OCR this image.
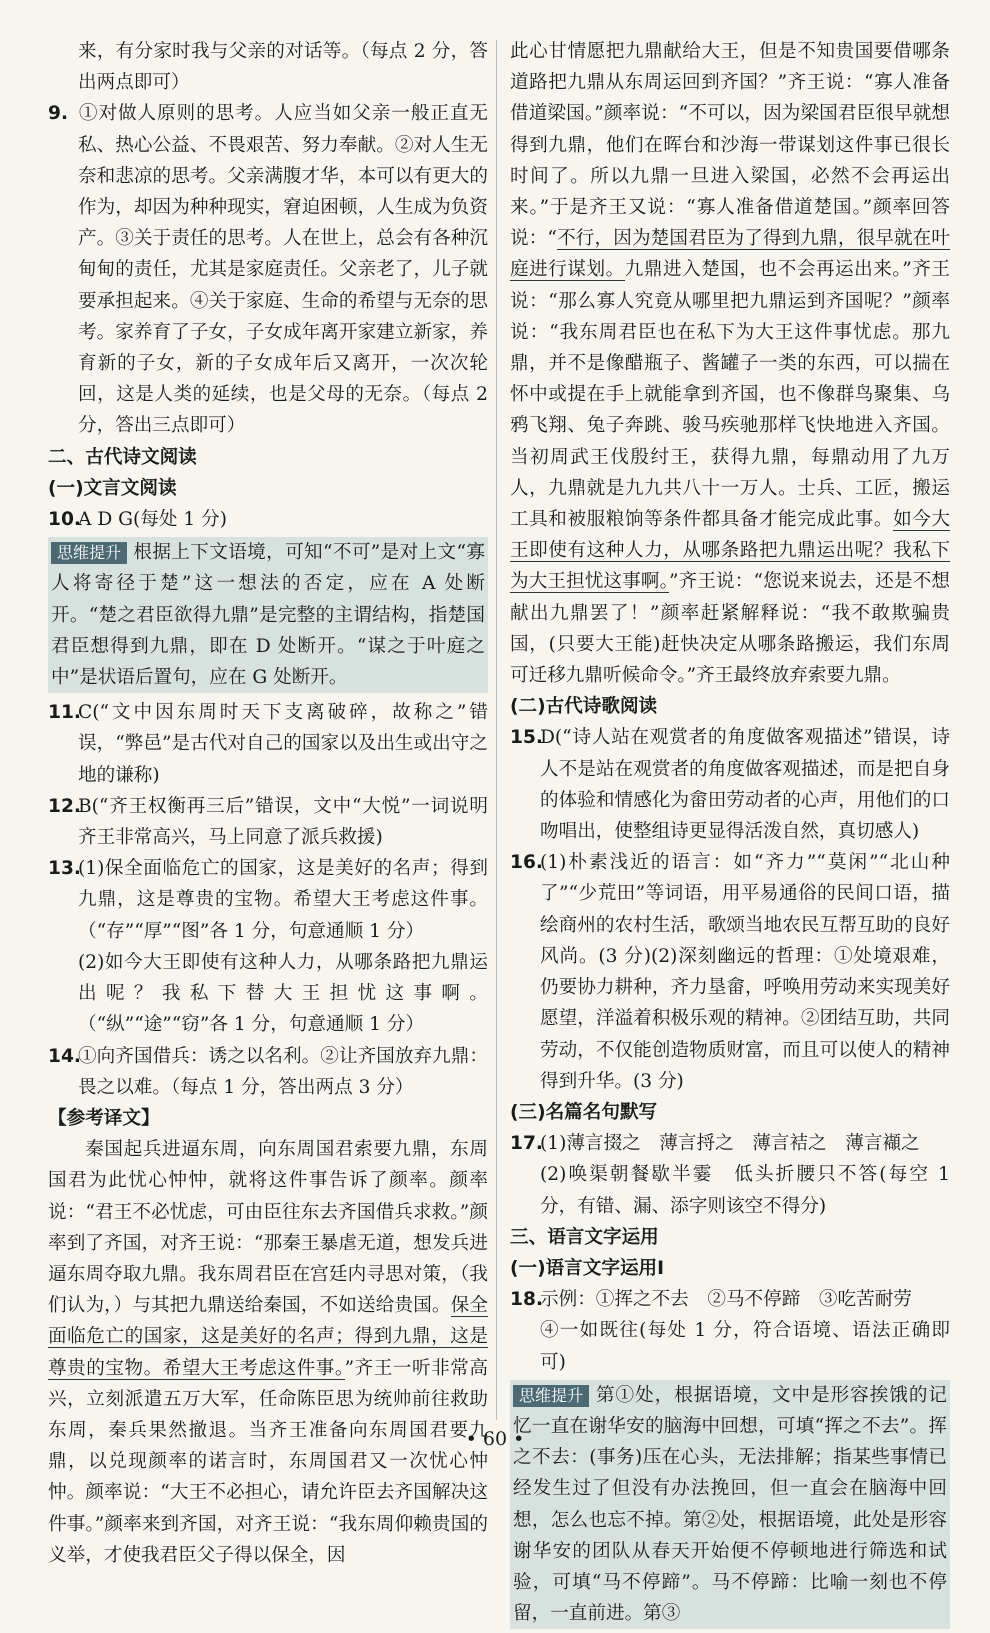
来，有分家时我与父亲的对话等。（每点 2 分，答出两点即可）

9. ①对做人原则的思考。人应当如父亲一般正直无私、热心公益、不畏艰苦、努力奉献。②对人生无奈和悲凉的思考。父亲满腹才华，本可以有更大的作为，却因为种种现实，窘迫困顿，人生成为负资产。③关于责任的思考。人在世上，总会有各种沉甸甸的责任，尤其是家庭责任。父亲老了，儿子就要承担起来。④关于家庭、生命的希望与无奈的思考。家养育了子女，子女成年离开家建立新家，养育新的子女，新的子女成年后又离开，一次次轮回，这是人类的延续，也是父母的无奈。（每点 2 分，答出三点即可）

二、古代诗文阅读

(一)文言文阅读

10.A D G(每处 1 分)

思维提升 根据上下文语境，可知“不可”是对上文“寡人将寄径于楚”这一想法的否定，应在 A 处断开。“楚之君臣欲得九鼎”是完整的主谓结构，指楚国君臣想得到九鼎，即在 D 处断开。“谋之于叶庭之中”是状语后置句，应在 G 处断开。

11.C(“文中因东周时天下支离破碎，故称之”错误，“弊邑”是古代对自己的国家以及出生或出守之地的谦称)

12.B(“齐王权衡再三后”错误，文中“大悦”一词说明齐王非常高兴，马上同意了派兵救援)

13.(1)保全面临危亡的国家，这是美好的名声；得到九鼎，这是尊贵的宝物。希望大王考虑这件事。（“存”“厚”“图”各 1 分，句意通顺 1 分）

(2)如今大王即使有这种人力，从哪条路把九鼎运出呢？我私下替大王担忧这事啊。（“纵”“途”“窃”各 1 分，句意通顺 1 分）

14.①向齐国借兵：诱之以名利。②让齐国放弃九鼎：畏之以难。（每点 1 分，答出两点 3 分）

【参考译文】

秦国起兵进逼东周，向东周国君索要九鼎，东周国君为此忧心忡忡，就将这件事告诉了颜率。颜率说：“君王不必忧虑，可由臣往东去齐国借兵求救。”颜率到了齐国，对齐王说：“那秦王暴虐无道，想发兵进逼东周夺取九鼎。我东周君臣在宫廷内寻思对策，（我们认为，）与其把九鼎送给秦国，不如送给贵国。保全面临危亡的国家，这是美好的名声；得到九鼎，这是尊贵的宝物。希望大王考虑这件事。”齐王一听非常高兴，立刻派遣五万大军，任命陈臣思为统帅前往救助东周，秦兵果然撤退。当齐王准备向东周国君要九鼎，以兑现颜率的诺言时，东周国君又一次忧心忡忡。颜率说：“大王不必担心，请允许臣去齐国解决这件事。”颜率来到齐国，对齐王说：“我东周仰赖贵国的义举，才使我君臣父子得以保全，因

此心甘情愿把九鼎献给大王，但是不知贵国要借哪条道路把九鼎从东周运回到齐国？”齐王说：“寡人准备借道梁国。”颜率说：“不可以，因为梁国君臣很早就想得到九鼎，他们在晖台和沙海一带谋划这件事已很长时间了。所以九鼎一旦进入梁国，必然不会再运出来。”于是齐王又说：“寡人准备借道楚国。”颜率回答说：“不行，因为楚国君臣为了得到九鼎，很早就在叶庭进行谋划。九鼎进入楚国，也不会再运出来。”齐王说：“那么寡人究竟从哪里把九鼎运到齐国呢？”颜率说：“我东周君臣也在私下为大王这件事忧虑。那九鼎，并不是像醋瓶子、酱罐子一类的东西，可以揣在怀中或提在手上就能拿到齐国，也不像群鸟聚集、乌鸦飞翔、兔子奔跳、骏马疾驰那样飞快地进入齐国。当初周武王伐殷纣王，获得九鼎，每鼎动用了九万人，九鼎就是九九共八十一万人。士兵、工匠，搬运工具和被服粮饷等条件都具备才能完成此事。如今大王即使有这种人力，从哪条路把九鼎运出呢？我私下为大王担忧这事啊。”齐王说：“您说来说去，还是不想献出九鼎罢了！”颜率赶紧解释说：“我不敢欺骗贵国，(只要大王能)赶快决定从哪条路搬运，我们东周可迁移九鼎听候命令。”齐王最终放弃索要九鼎。

(二)古代诗歌阅读

15.D(“诗人站在观赏者的角度做客观描述”错误，诗人不是站在观赏者的角度做客观描述，而是把自身的体验和情感化为畲田劳动者的心声，用他们的口吻唱出，使整组诗更显得活泼自然，真切感人)

16.(1)朴素浅近的语言：如“齐力”“莫闲”“北山种了”“少荒田”等词语，用平易通俗的民间口语，描绘商州的农村生活，歌颂当地农民互帮互助的良好风尚。(3 分)(2)深刻幽远的哲理：①处境艰难，仍要协力耕种，齐力垦畲，呼唤用劳动来实现美好愿望，洋溢着积极乐观的精神。②团结互助，共同劳动，不仅能创造物质财富，而且可以使人的精神得到升华。(3 分)

(三)名篇名句默写

17.(1)薄言掇之　薄言捋之　薄言袺之　薄言襭之

(2)唤渠朝餐歇半霎　低头折腰只不答(每空 1 分，有错、漏、添字则该空不得分)

三、语言文字运用

(一)语言文字运用Ⅰ

18.示例：①挥之不去　②马不停蹄　③吃苦耐劳

④一如既往(每处 1 分，符合语境、语法正确即可)

思维提升 第①处，根据语境，文中是形容挨饿的记忆一直在谢华安的脑海中回想，可填“挥之不去”。挥之不去：(事务)压在心头，无法排解；指某些事情已经发生过了但没有办法挽回，但一直会在脑海中回想，怎么也忘不掉。第②处，根据语境，此处是形容谢华安的团队从春天开始便不停顿地进行筛选和试验，可填“马不停蹄”。马不停蹄：比喻一刻也不停留，一直前进。第③

• 60 •
